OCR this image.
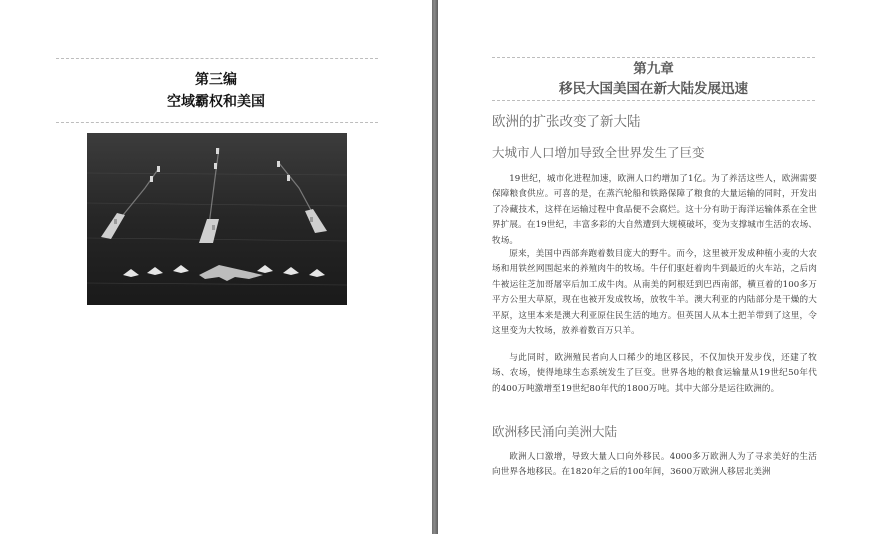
第三编
空域霸权和美国
第九章
移民大国美国在新大陆发展迅速
欧洲的扩张改变了新大陆
大城市人口增加导致全世界发生了巨变

19世纪，城市化进程加速，欧洲人口约增加了1亿。为了养活这些人，欧洲需要保障粮食供应。可喜的是，在蒸汽轮船和铁路保障了粮食的大量运输的同时，开发出了冷藏技术，这样在运输过程中食品便不会腐烂。这十分有助于海洋运输体系在全世界扩展。在19世纪，丰富多彩的大自然遭到大规模破坏，变为支撑城市生活的农场、牧场。

原来，美国中西部奔跑着数目庞大的野牛。而今，这里被开发成种植小麦的大农场和用铁丝网围起来的养殖肉牛的牧场。牛仔们驱赶着肉牛到最近的火车站，之后肉牛被运往芝加哥屠宰后加工成牛肉。从南美的阿根廷到巴西南部，横亘着的100多万平方公里大草原，现在也被开发成牧场，放牧牛羊。澳大利亚的内陆部分是干燥的大平原，这里本来是澳大利亚原住民生活的地方。但英国人从本土把羊带到了这里，令这里变为大牧场，放养着数百万只羊。

与此同时，欧洲殖民者向人口稀少的地区移民，不仅加快开发步伐，还建了牧场、农场，使得地球生态系统发生了巨变。世界各地的粮食运输量从19世纪50年代的400万吨激增至19世纪80年代的1800万吨。其中大部分是运往欧洲的。

欧洲移民涌向美洲大陆

欧洲人口激增，导致大量人口向外移民。4000多万欧洲人为了寻求美好的生活向世界各地移民。在1820年之后的100年间，3600万欧洲人移居北美洲
